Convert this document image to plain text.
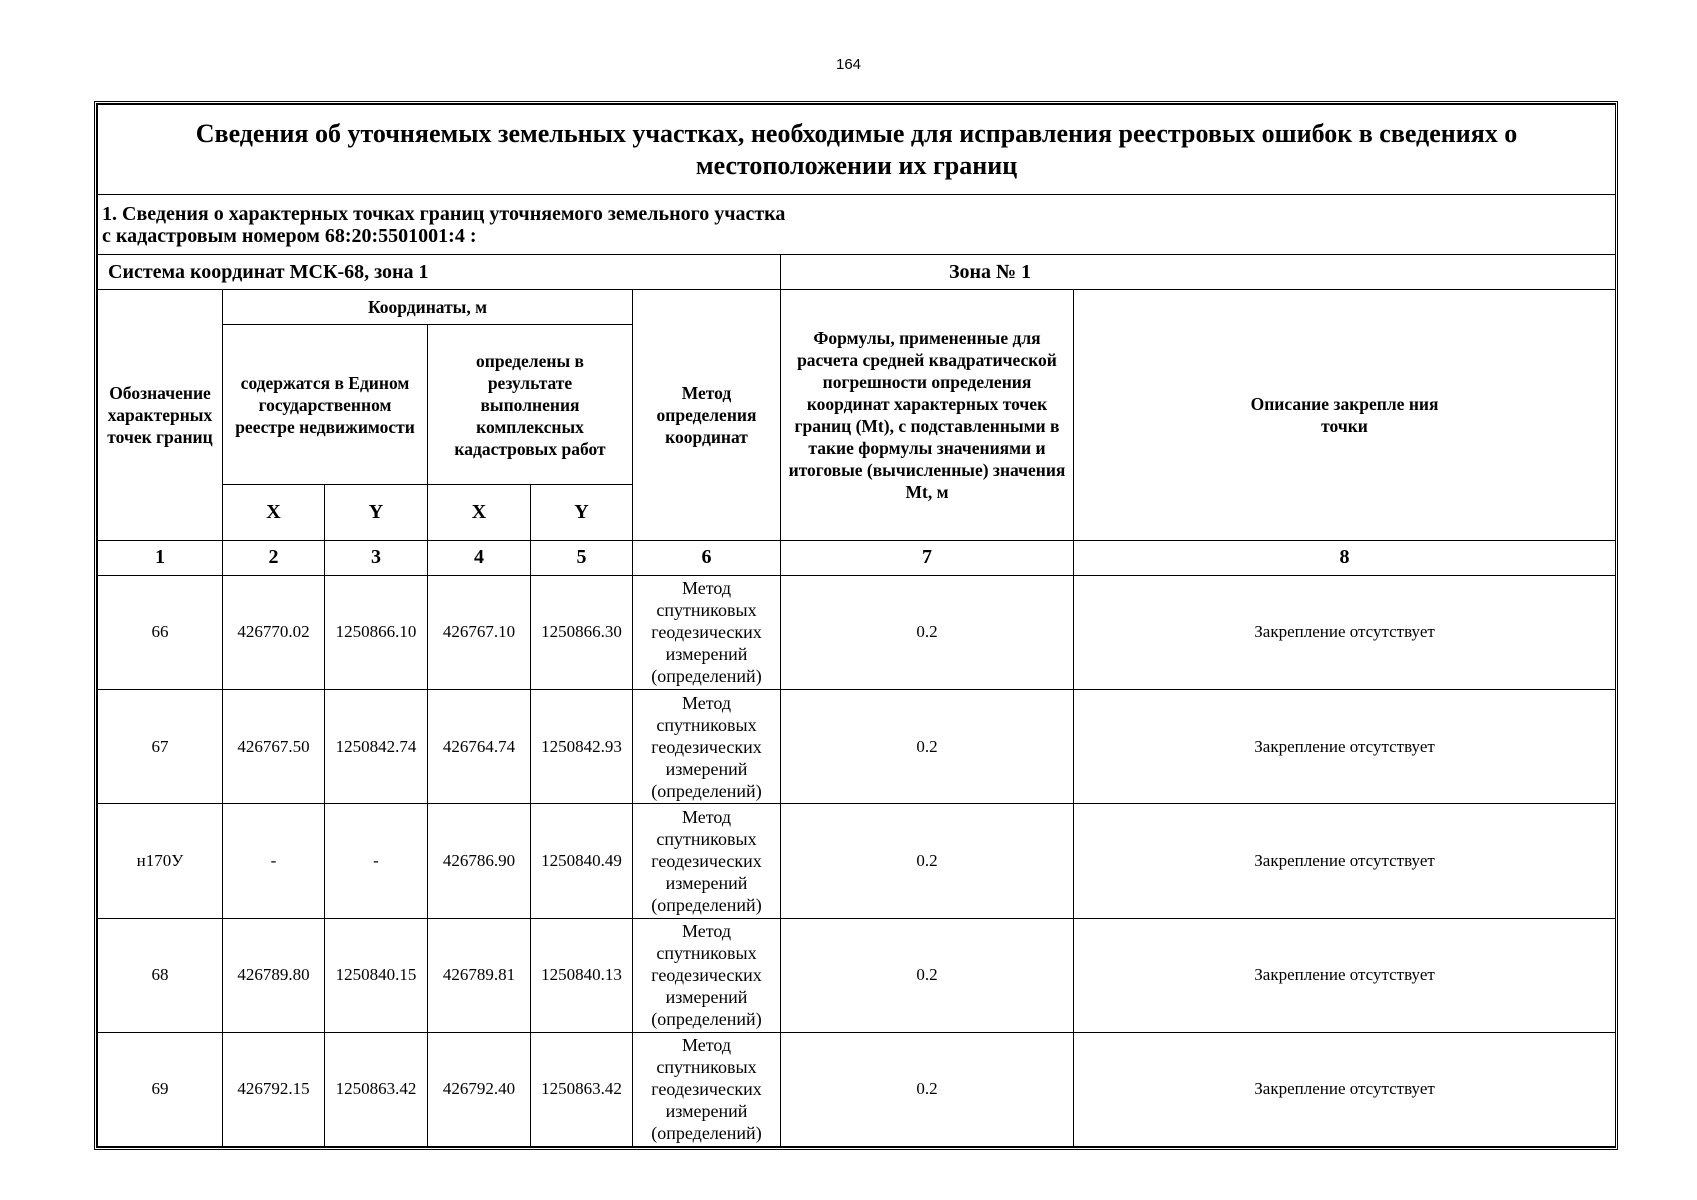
164
Сведения об уточняемых земельных участках, необходимые для исправления реестровых ошибок в сведениях о местоположении их границ							

1. Сведения о характерных точках границ уточняемого земельного участка
с кадастровым номером 68:20:5501001:4 :							

Система координат МСК-68, зона 1						Зона № 1	
Обозначение характерных точек границ	Координаты, м				Метод определения координат	Формулы, примененные для расчета средней квадратической погрешности определения координат характерных точек границ (Mt), с подставленными в такие формулы значениями и итоговые (вычисленные) значения Mt, м	Описание закрепле ния точки
	содержатся в Едином государственном реестре недвижимости		определены в результате выполнения комплексных кадастровых работ				
	X	Y	X	Y			
1	2	3	4	5	6	7	8
66	426770.02	1250866.10	426767.10	1250866.30	Метод спутниковых геодезических измерений (определений)	0.2	Закрепление отсутствует
67	426767.50	1250842.74	426764.74	1250842.93	Метод спутниковых геодезических измерений (определений)	0.2	Закрепление отсутствует
н170У	-	-	426786.90	1250840.49	Метод спутниковых геодезических измерений (определений)	0.2	Закрепление отсутствует
68	426789.80	1250840.15	426789.81	1250840.13	Метод спутниковых геодезических измерений (определений)	0.2	Закрепление отсутствует
69	426792.15	1250863.42	426792.40	1250863.42	Метод спутниковых геодезических измерений (определений)	0.2	Закрепление отсутствует
